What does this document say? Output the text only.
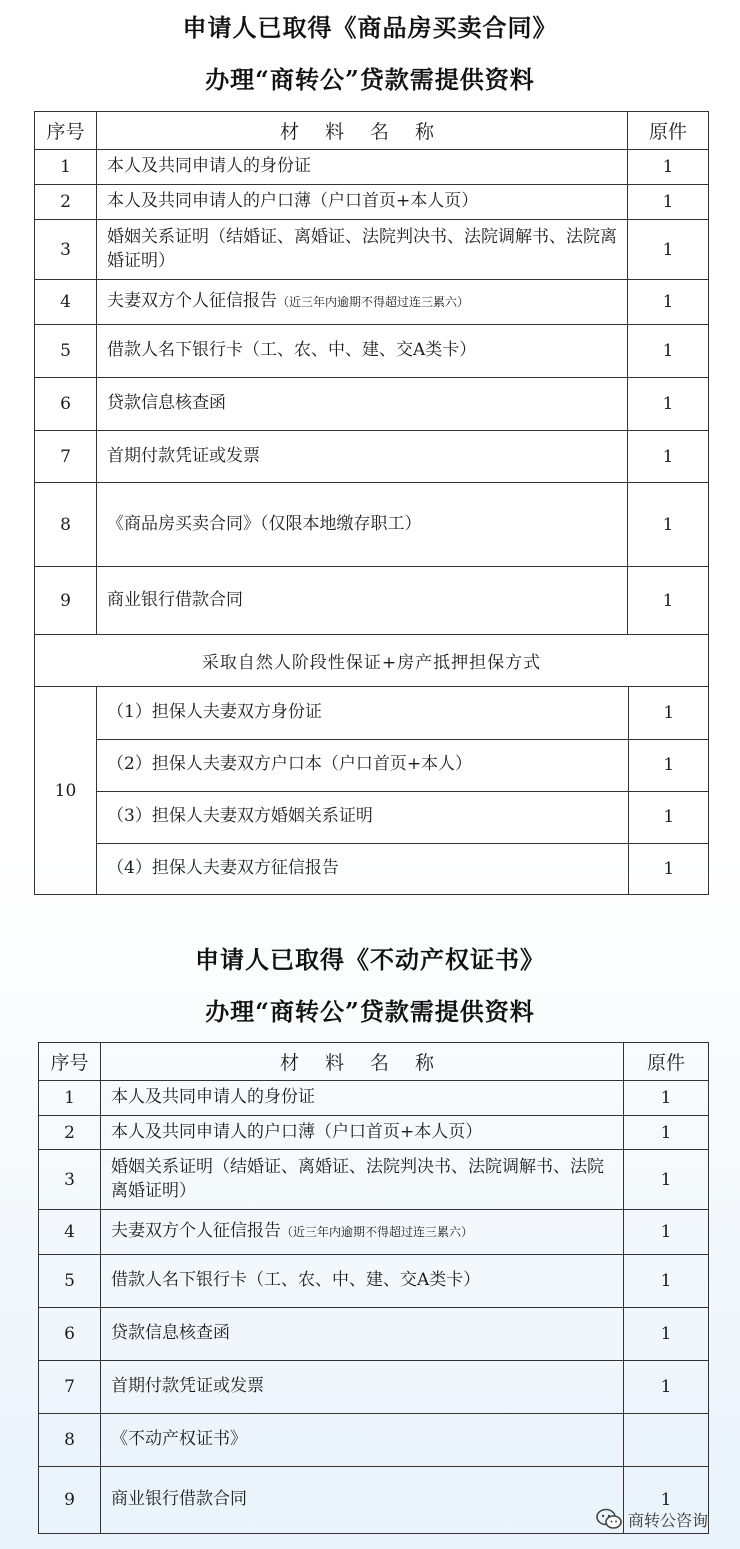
申请人已取得《商品房买卖合同》
办理“商转公”贷款需提供资料
序号	材 料 名 称	原件
1	本人及共同申请人的身份证	1
2	本人及共同申请人的户口薄（户口首页+本人页）	1
3	婚姻关系证明（结婚证、离婚证、法院判决书、法院调解书、法院离婚证明）	1
4	夫妻双方个人征信报告（近三年内逾期不得超过连三累六）	1
5	借款人名下银行卡（工、农、中、建、交A类卡）	1
6	贷款信息核查函	1
7	首期付款凭证或发票	1
8	《商品房买卖合同》（仅限本地缴存职工）	1
9	商业银行借款合同	1
采取自然人阶段性保证+房产抵押担保方式
10	
（1）担保人夫妻双方身份证	1
（2）担保人夫妻双方户口本（户口首页+本人）	1
（3）担保人夫妻双方婚姻关系证明	1
（4）担保人夫妻双方征信报告	1
申请人已取得《不动产权证书》
办理“商转公”贷款需提供资料
序号	材 料 名 称	原件
1	本人及共同申请人的身份证	1
2	本人及共同申请人的户口薄（户口首页+本人页）	1
3	婚姻关系证明（结婚证、离婚证、法院判决书、法院调解书、法院离婚证明）	1
4	夫妻双方个人征信报告（近三年内逾期不得超过连三累六）	1
5	借款人名下银行卡（工、农、中、建、交A类卡）	1
6	贷款信息核查函	1
7	首期付款凭证或发票	1
8	《不动产权证书》	
9	商业银行借款合同	1
商转公咨询
